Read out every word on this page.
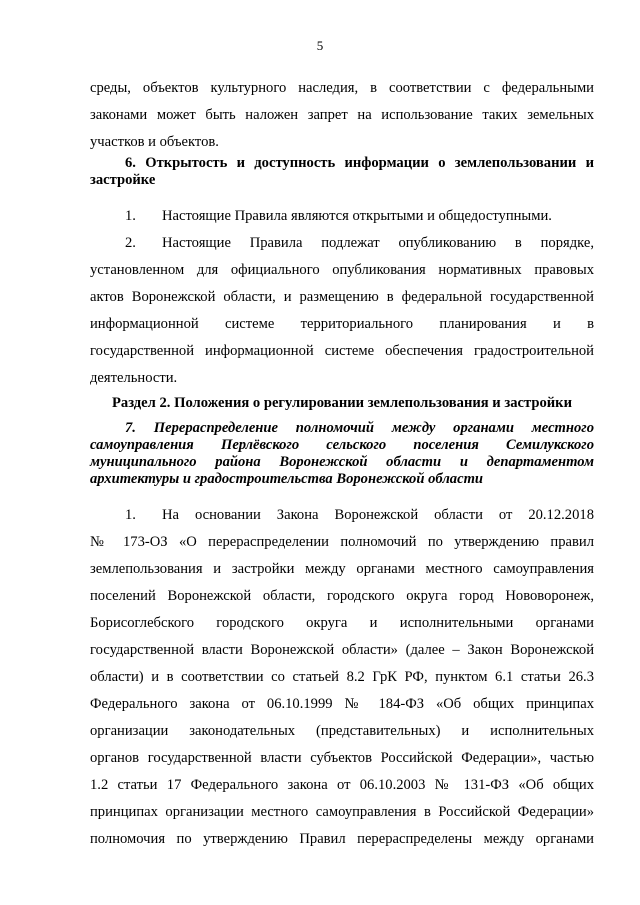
5
среды, объектов культурного наследия, в соответствии с федеральными
законами может быть наложен запрет на использование таких земельных
участков и объектов.
6. Открытость и доступность информации о землепользовании и
застройке
1. Настоящие Правила являются открытыми и общедоступными.
2.	Настоящие Правила подлежат опубликованию в порядке,
установленном для официального опубликования нормативных правовых
актов Воронежской области, и размещению в федеральной государственной
информационной системе территориального планирования и в
государственной информационной системе обеспечения градостроительной
деятельности.
Раздел 2. Положения о регулировании землепользования и застройки
7. Перераспределение полномочий между органами местного
самоуправления Перлёвского сельского поселения Семилукского
муниципального района Воронежской области и департаментом
архитектуры и градостроительства Воронежской области
1.	На основании Закона Воронежской области от 20.12.2018
№ 173-ОЗ «О перераспределении полномочий по утверждению правил
землепользования и застройки между органами местного самоуправления
поселений Воронежской области, городского округа город Нововоронеж,
Борисоглебского городского округа и исполнительными органами
государственной власти Воронежской области» (далее – Закон Воронежской
области) и в соответствии со статьей 8.2 ГрК РФ, пунктом 6.1 статьи 26.3
Федерального закона от 06.10.1999 № 184-ФЗ «Об общих принципах
организации законодательных (представительных) и исполнительных
органов государственной власти субъектов Российской Федерации», частью
1.2 статьи 17 Федерального закона от 06.10.2003 № 131-ФЗ «Об общих
принципах организации местного самоуправления в Российской Федерации»
полномочия по утверждению Правил перераспределены между органами
